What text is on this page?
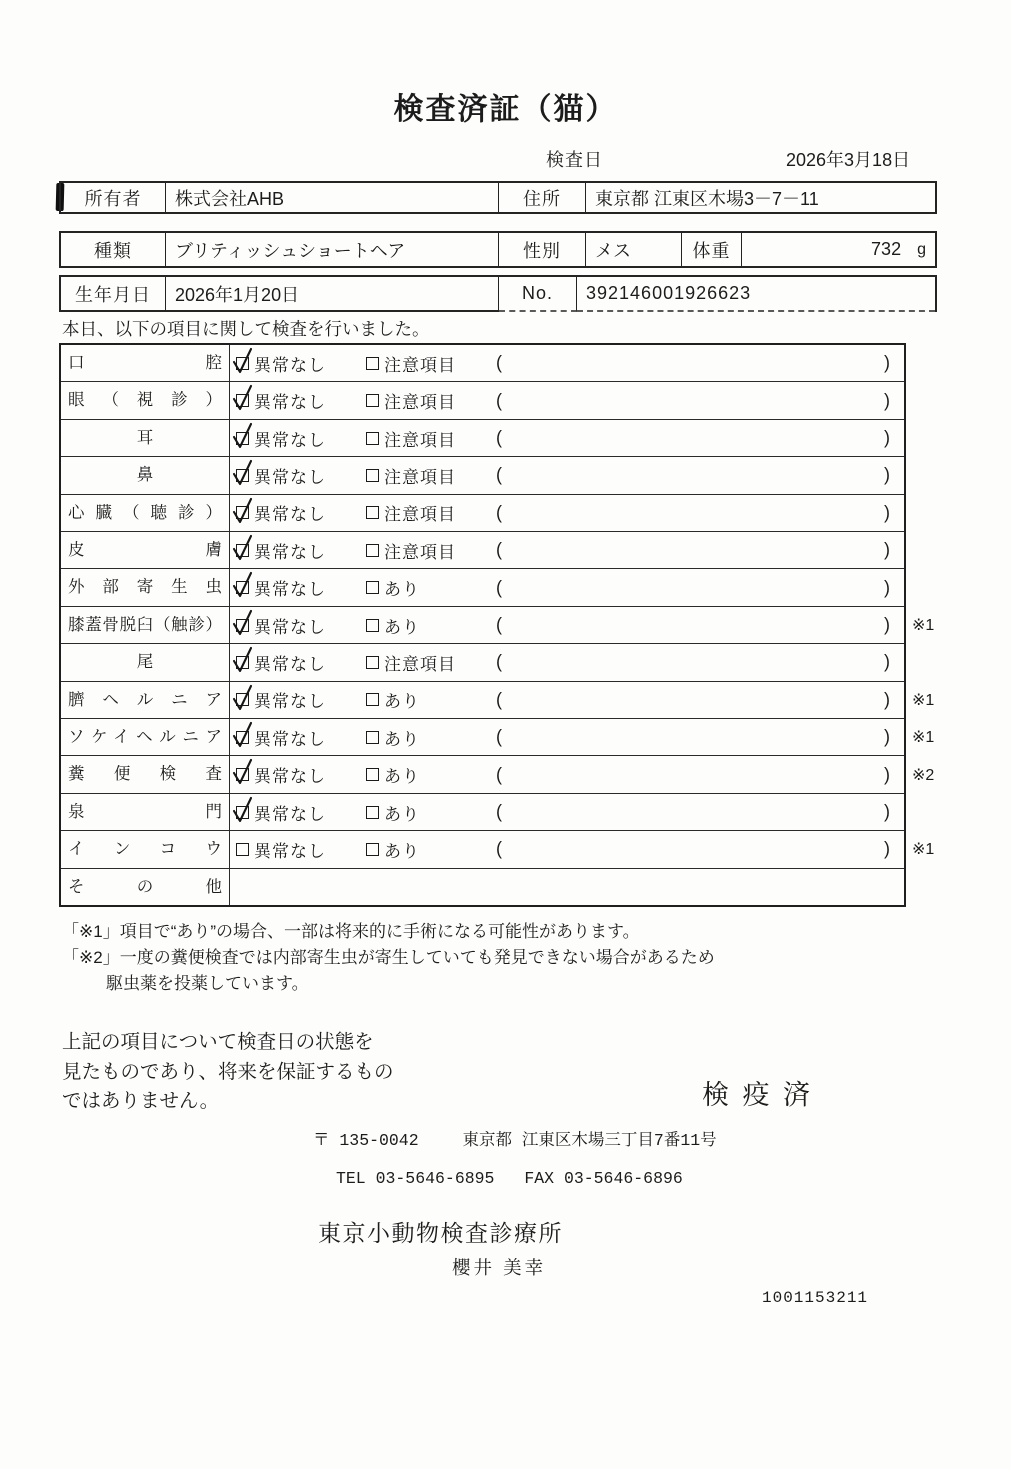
検査済証（猫）
検査日	2026年3月18日
所有者	株式会社AHB	住所	東京都 江東区木場3－7－11
種類	ブリティッシュショートヘア	性別	メス	体重	732 g
生年月日	2026年1月20日	No.	392146001926623
本日、以下の項目に関して検査を行いました。
口腔	異常なし	注意項目 (	)
眼（視診）	異常なし	注意項目 (	)
耳	異常なし	注意項目 (	)
鼻	異常なし	注意項目 (	)
心臓（聴診）	異常なし	注意項目 (	)
皮膚	異常なし	注意項目 (	)
外部寄生虫	異常なし	あり	(	)
膝蓋骨脱臼（触診）	異常なし	あり	(	) ※1
尾	異常なし	注意項目 (	)
臍ヘルニア	異常なし	あり	(	) ※1
ソケイヘルニア	異常なし	あり	(	) ※1
糞便検査	異常なし	あり	(	) ※2
泉門	異常なし	あり	(	)
インコウ	異常なし	あり	(	) ※1
その他
「※1」項目で“あり”の場合、一部は将来的に手術になる可能性があります。
「※2」一度の糞便検査では内部寄生虫が寄生していても発見できない場合があるため
駆虫薬を投薬しています。
上記の項目について検査日の状態を
見たものであり、将来を保証するもの
ではありません。	検 疫 済
〒 135-0042	東京都 江東区木場三丁目7番11号
TEL 03-5646-6895 FAX 03-5646-6896
東京小動物検査診療所
櫻井 美幸
1001153211
